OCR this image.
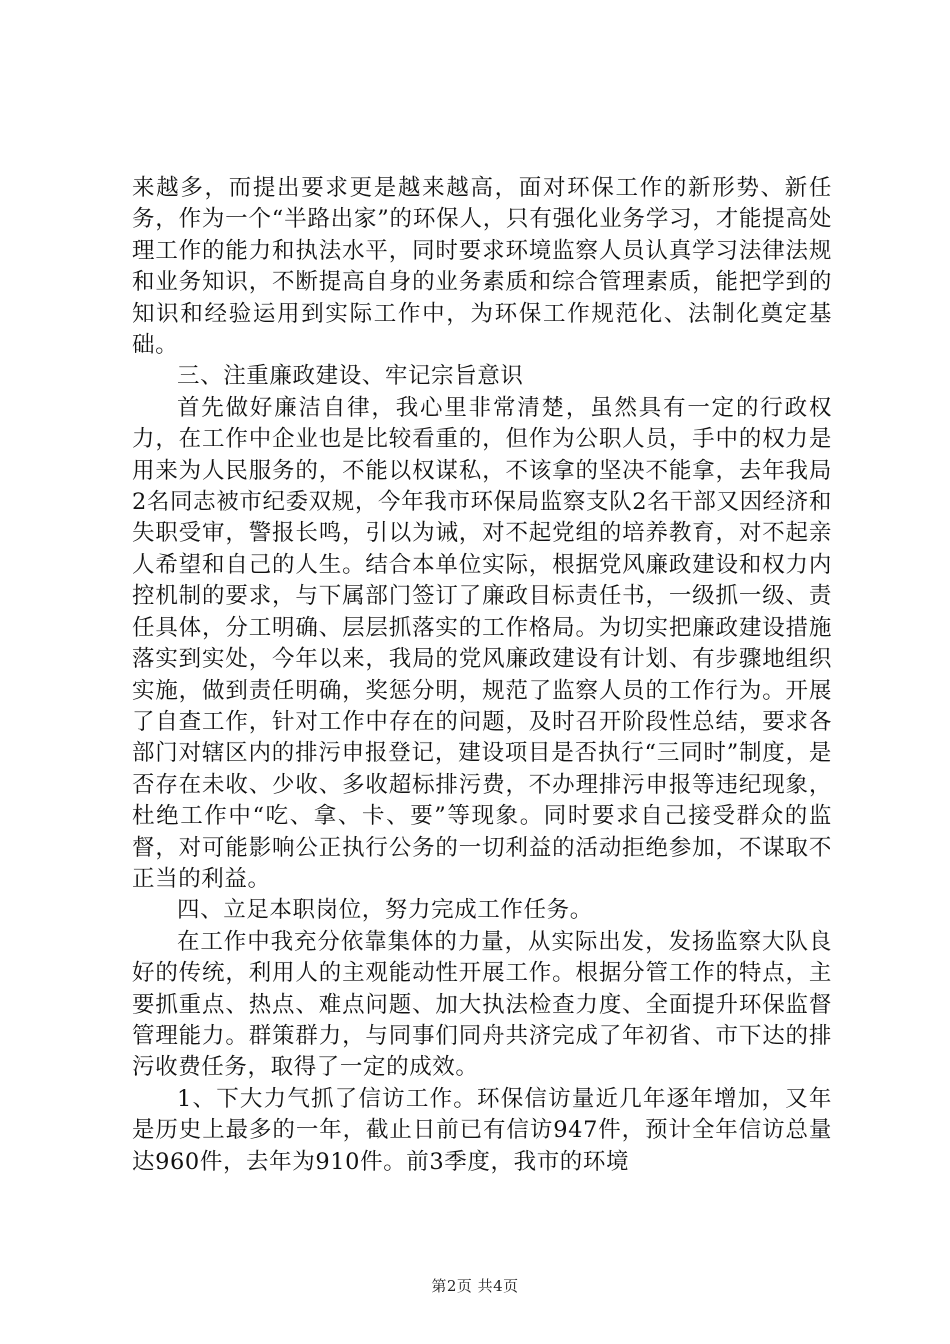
来越多，而提出要求更是越来越高，面对环保工作的新形势、新任务，作为一个“半路出家”的环保人，只有强化业务学习，才能提高处理工作的能力和执法水平，同时要求环境监察人员认真学习法律法规和业务知识，不断提高自身的业务素质和综合管理素质，能把学到的知识和经验运用到实际工作中，为环保工作规范化、法制化奠定基础。

三、注重廉政建设、牢记宗旨意识

首先做好廉洁自律，我心里非常清楚，虽然具有一定的行政权力，在工作中企业也是比较看重的，但作为公职人员，手中的权力是用来为人民服务的，不能以权谋私，不该拿的坚决不能拿，去年我局2名同志被市纪委双规，今年我市环保局监察支队2名干部又因经济和失职受审，警报长鸣，引以为诫，对不起党组的培养教育，对不起亲人希望和自己的人生。结合本单位实际，根据党风廉政建设和权力内控机制的要求，与下属部门签订了廉政目标责任书，一级抓一级、责任具体，分工明确、层层抓落实的工作格局。为切实把廉政建设措施落实到实处，今年以来，我局的党风廉政建设有计划、有步骤地组织实施，做到责任明确，奖惩分明，规范了监察人员的工作行为。开展了自查工作，针对工作中存在的问题，及时召开阶段性总结，要求各部门对辖区内的排污申报登记，建设项目是否执行“三同时”制度，是否存在未收、少收、多收超标排污费，不办理排污申报等违纪现象，杜绝工作中“吃、拿、卡、要”等现象。同时要求自己接受群众的监督，对可能影响公正执行公务的一切利益的活动拒绝参加，不谋取不正当的利益。

四、立足本职岗位，努力完成工作任务。

在工作中我充分依靠集体的力量，从实际出发，发扬监察大队良好的传统，利用人的主观能动性开展工作。根据分管工作的特点，主要抓重点、热点、难点问题、加大执法检查力度、全面提升环保监督管理能力。群策群力，与同事们同舟共济完成了年初省、市下达的排污收费任务，取得了一定的成效。

1、下大力气抓了信访工作。环保信访量近几年逐年增加，又年是历史上最多的一年，截止日前已有信访947件，预计全年信访总量达960件，去年为910件。前3季度，我市的环境

第2页 共4页
